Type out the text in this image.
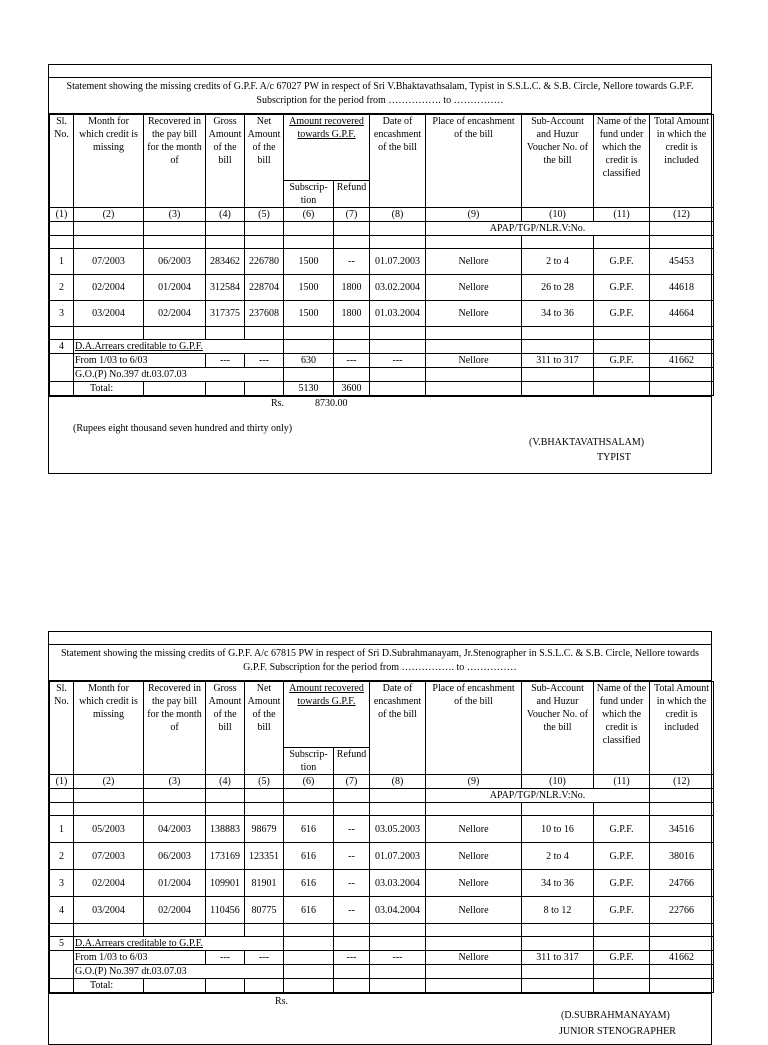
Statement showing the missing credits of G.P.F. A/c 67027 PW in respect of Sri V.Bhaktavathsalam, Typist in S.S.L.C. & S.B. Circle, Nellore towards G.P.F. Subscription for the period from ……………. to ……………
Sl. No.	Month for which credit is missing	Recovered in the pay bill for the month of	Gross Amount of the bill	Net Amount of the bill	Amount recovered towards G.P.F.		Date of encashment of the bill	Place of encashment of the bill	Sub-Account and Huzur Voucher No. of the bill	Name of the fund under which the credit is classified	Total Amount in which the credit is included
					Subscrip- tion	Refund					
(1)	(2)	(3)	(4)	(5)	(6)	(7)	(8)	(9)	(10)	(11)	(12)
								APAP/TGP/NLR.V:No.			

1	07/2003	06/2003	283462	226780	1500	--	01.07.2003	Nellore	2 to 4	G.P.F.	45453
2	02/2004	01/2004	312584	228704	1500	1800	03.02.2004	Nellore	26 to 28	G.P.F.	44618
3	03/2004	02/2004	317375	237608	1500	1800	01.03.2004	Nellore	34 to 36	G.P.F.	44664

4	D.A.Arrears creditable to G.P.F.										
	From 1/03 to 6/03		---	---	630	---	---	Nellore	311 to 317	G.P.F.	41662
	G.O.(P) No.397 dt.03.07.03										
	Total:				5130	3600					
Rs.	8730.00
(Rupees eight thousand seven hundred and thirty only)
(V.BHAKTAVATHSALAM)
TYPIST
Statement showing the missing credits of G.P.F. A/c 67815 PW in respect of Sri D.Subrahmanayam, Jr.Stenographer in S.S.L.C. & S.B. Circle, Nellore towards G.P.F. Subscription for the period from ……………. to ……………
Sl. No.	Month for which credit is missing	Recovered in the pay bill for the month of	Gross Amount of the bill	Net Amount of the bill	Amount recovered towards G.P.F.		Date of encashment of the bill	Place of encashment of the bill	Sub-Account and Huzur Voucher No. of the bill	Name of the fund under which the credit is classified	Total Amount in which the credit is included
					Subscrip- tion	Refund					
(1)	(2)	(3)	(4)	(5)	(6)	(7)	(8)	(9)	(10)	(11)	(12)
								APAP/TGP/NLR.V:No.			

1	05/2003	04/2003	138883	98679	616	--	03.05.2003	Nellore	10 to 16	G.P.F.	34516
2	07/2003	06/2003	173169	123351	616	--	01.07.2003	Nellore	2 to 4	G.P.F.	38016
3	02/2004	01/2004	109901	81901	616	--	03.03.2004	Nellore	34 to 36	G.P.F.	24766
4	03/2004	02/2004	110456	80775	616	--	03.04.2004	Nellore	8 to 12	G.P.F.	22766

5	D.A.Arrears creditable to G.P.F.										
	From 1/03 to 6/03		---	---		---	---	Nellore	311 to 317	G.P.F.	41662
	G.O.(P) No.397 dt.03.07.03										
	Total:										
Rs.
(D.SUBRAHMANAYAM)
JUNIOR STENOGRAPHER
